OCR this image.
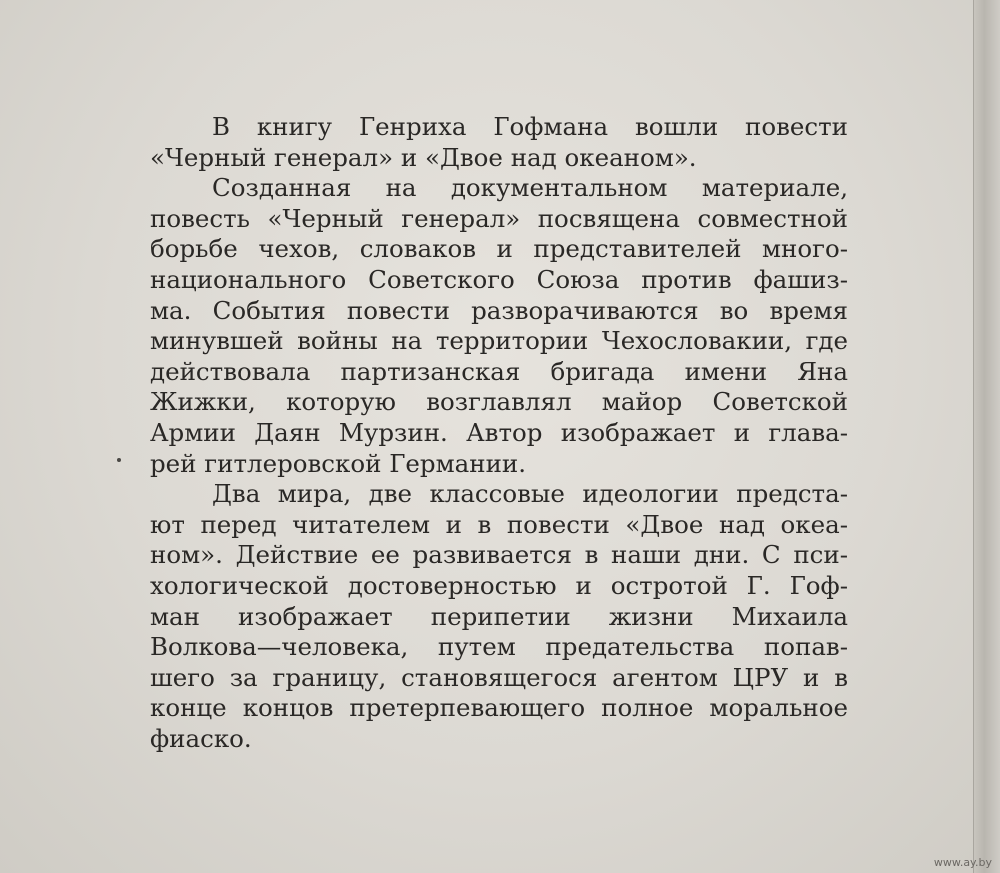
В книгу Генриха Гофмана вошли повести
«Черный генерал» и «Двое над океаном».
Созданная на документальном материале,
повесть «Черный генерал» посвящена совместной
борьбе чехов, словаков и представителей много-
национального Советского Союза против фашиз-
ма. События повести разворачиваются во время
минувшей войны на территории Чехословакии, где
действовала партизанская бригада имени Яна
Жижки, которую возглавлял майор Советской
Армии Даян Мурзин. Автор изображает и глава-
рей гитлеровской Германии.
Два мира, две классовые идеологии предста-
ют перед читателем и в повести «Двое над океа-
ном». Действие ее развивается в наши дни. С пси-
хологической достоверностью и остротой Г. Гоф-
ман изображает перипетии жизни Михаила
Волкова—человека, путем предательства попав-
шего за границу, становящегося агентом ЦРУ и в
конце концов претерпевающего полное моральное
фиаско.
www.ay.by
